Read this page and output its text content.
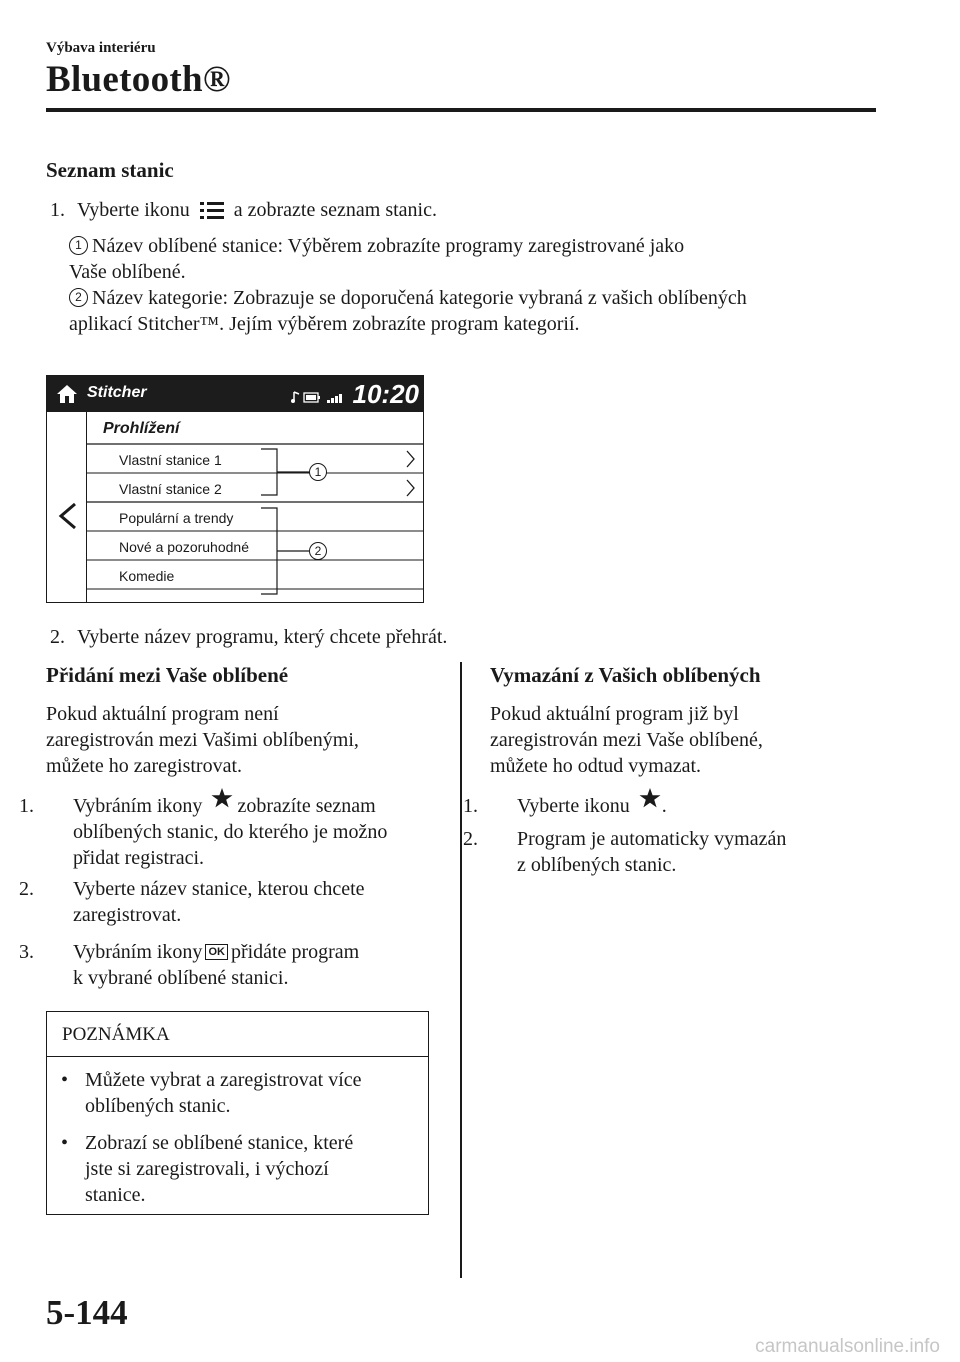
Výbava interiéru
Bluetooth®
Seznam stanic
1. Vyberte ikonu a zobrazte seznam stanic.
1 Název oblíbené stanice: Výběrem zobrazíte programy zaregistrované jako
Vaše oblíbené.
2 Název kategorie: Zobrazuje se doporučená kategorie vybraná z vašich oblíbených
aplikací Stitcher™. Jejím výběrem zobrazíte program kategorií.
Stitcher	10:20
Prohlížení
Vlastní stanice 1
Vlastní stanice 2
Populární a trendy
Nové a pozoruhodné
Komedie
1
2
2. Vyberte název programu, který chcete přehrát.
Přidání mezi Vaše oblíbené
Pokud aktuální program není
zaregistrován mezi Vašimi oblíbenými,
můžete ho zaregistrovat.
1. Vybráním ikony zobrazíte seznam
oblíbených stanic, do kterého je možno
přidat registraci.
2. Vyberte název stanice, kterou chcete
zaregistrovat.
3. Vybráním ikony OK přidáte program
k vybrané oblíbené stanici.
POZNÁMKA
• Můžete vybrat a zaregistrovat více
oblíbených stanic.
• Zobrazí se oblíbené stanice, které
jste si zaregistrovali, i výchozí
stanice.
Vymazání z Vašich oblíbených
Pokud aktuální program již byl
zaregistrován mezi Vaše oblíbené,
můžete ho odtud vymazat.
1. Vyberte ikonu .
2. Program je automaticky vymazán
z oblíbených stanic.
5-144
carmanualsonline.info
